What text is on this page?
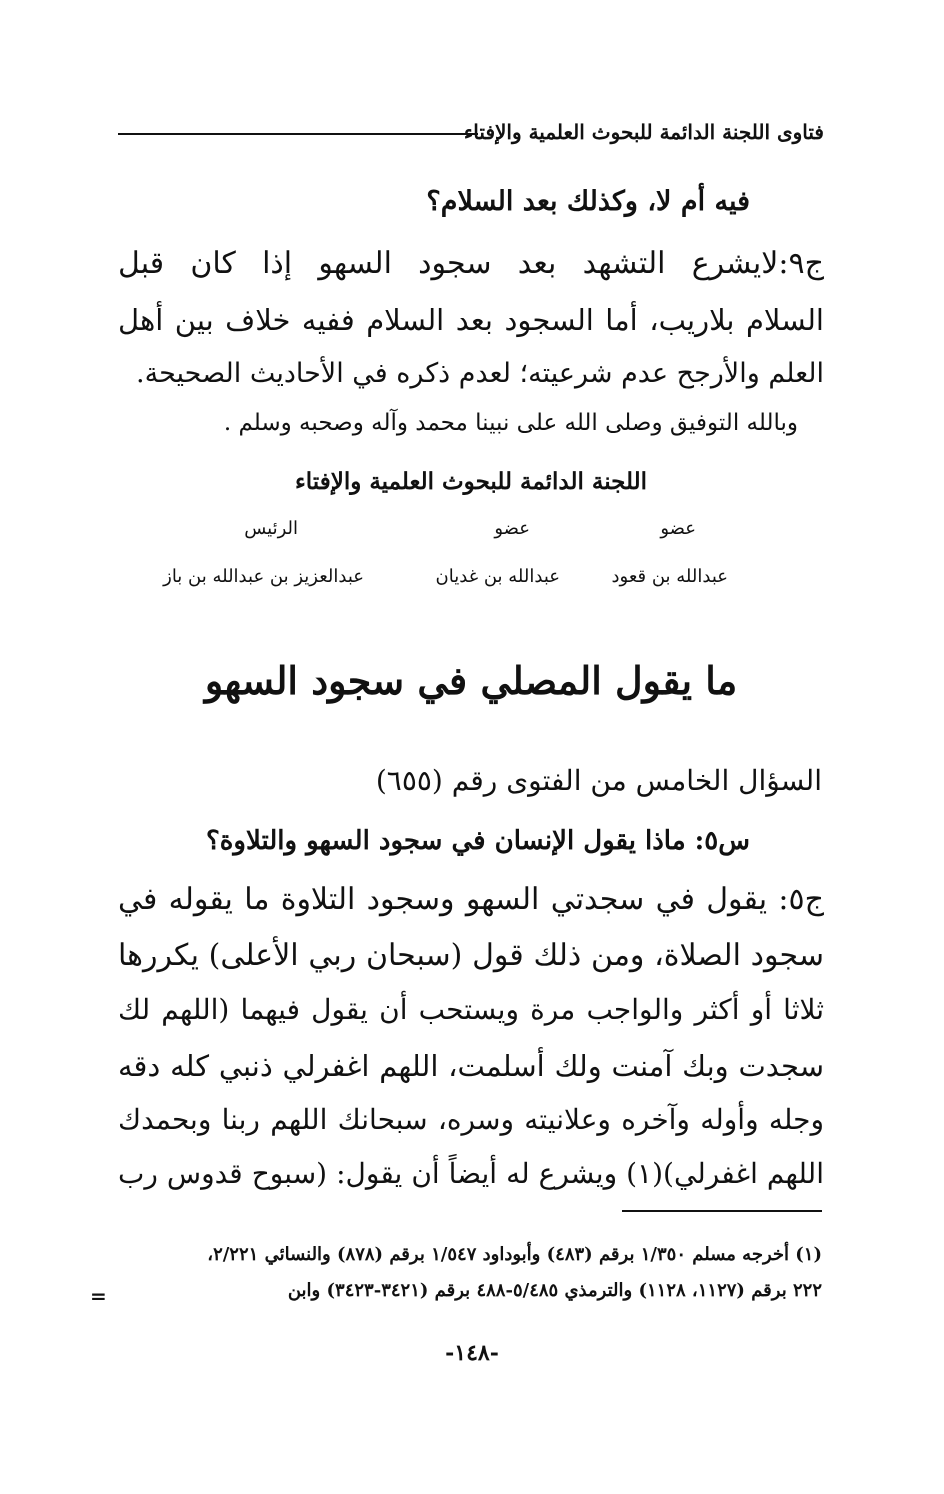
فتاوى اللجنة الدائمة للبحوث العلمية والإفتاء
فيه أم لا، وكذلك بعد السلام؟
ج٩:لايشرع التشهد بعد سجود السهو إذا كان قبل
السلام بلاريب، أما السجود بعد السلام ففيه خلاف بين أهل
العلم والأرجح عدم شرعيته؛ لعدم ذكره في الأحاديث الصحيحة.
وبالله التوفيق وصلى الله على نبينا محمد وآله وصحبه وسلم .
اللجنة الدائمة للبحوث العلمية والإفتاء
عضو
عبدالله بن قعود
عضو
عبدالله بن غديان
الرئيس
عبدالعزيز بن عبدالله بن باز
ما يقول المصلي في سجود السهو
السؤال الخامس من الفتوى رقم (٦٥٥)
س٥: ماذا يقول الإنسان في سجود السهو والتلاوة؟
ج٥: يقول في سجدتي السهو وسجود التلاوة ما يقوله في
سجود الصلاة، ومن ذلك قول (سبحان ربي الأعلى) يكررها
ثلاثا أو أكثر والواجب مرة ويستحب أن يقول فيهما (اللهم لك
سجدت وبك آمنت ولك أسلمت، اللهم اغفرلي ذنبي كله دقه
وجله وأوله وآخره وعلانيته وسره، سبحانك اللهم ربنا وبحمدك
اللهم اغفرلي)(١) ويشرع له أيضاً أن يقول: (سبوح قدوس رب
(١) أخرجه مسلم ١/٣٥٠ برقم (٤٨٣) وأبوداود ١/٥٤٧ برقم (٨٧٨) والنسائي ٢/٢٢١،
٢٢٢ برقم (١١٢٧، ١١٢٨) والترمذي ٥/٤٨٥-٤٨٨ برقم (٣٤٢١-٣٤٢٣) وابن
=
-١٤٨-
